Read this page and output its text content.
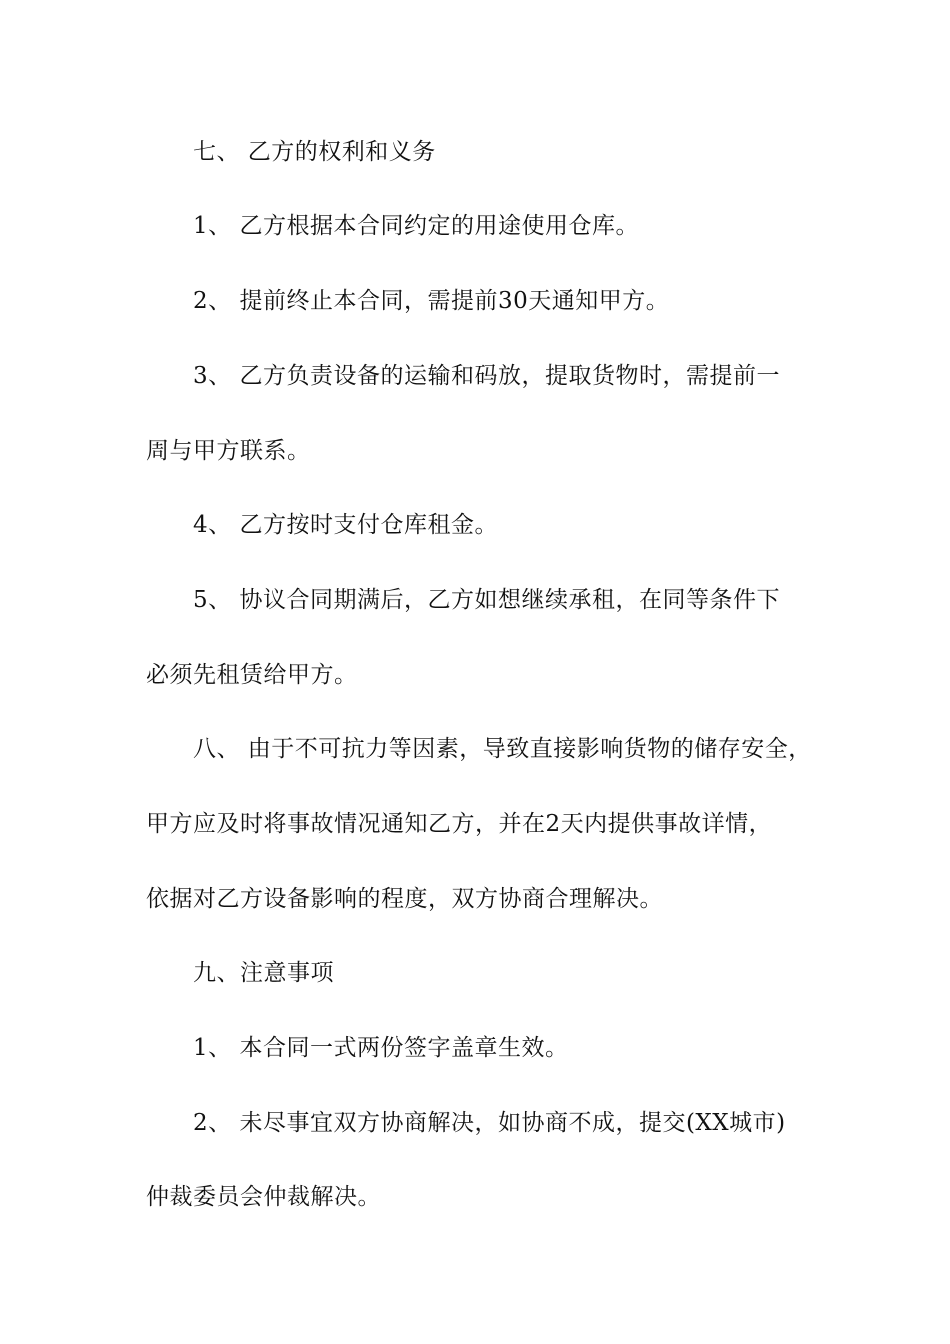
七、 乙方的权利和义务
1、 乙方根据本合同约定的用途使用仓库。
2、 提前终止本合同，需提前30天通知甲方。
3、 乙方负责设备的运输和码放，提取货物时，需提前一
周与甲方联系。
4、 乙方按时支付仓库租金。
5、 协议合同期满后，乙方如想继续承租，在同等条件下
必须先租赁给甲方。
八、 由于不可抗力等因素，导致直接影响货物的储存安全，
甲方应及时将事故情况通知乙方，并在2天内提供事故详情，
依据对乙方设备影响的程度，双方协商合理解决。
九、注意事项
1、 本合同一式两份签字盖章生效。
2、 未尽事宜双方协商解决，如协商不成，提交(XX城市)
仲裁委员会仲裁解决。
